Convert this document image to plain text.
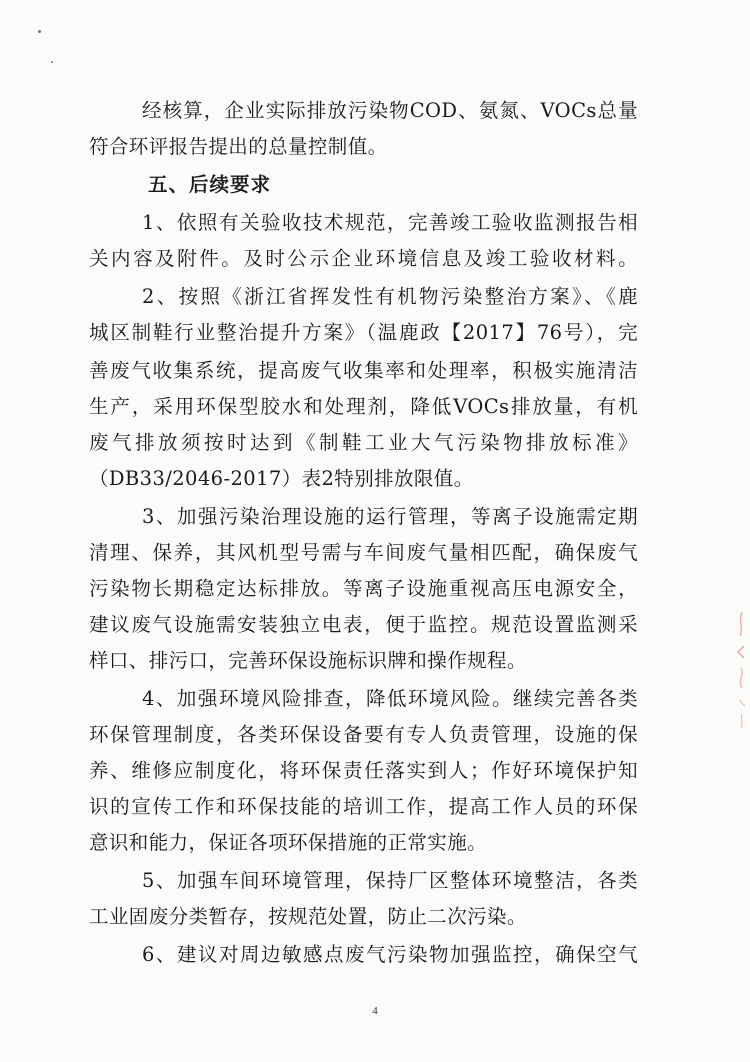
经核算，企业实际排放污染物COD、氨氮、VOCs总量
符合环评报告提出的总量控制值。
五、后续要求
1、依照有关验收技术规范，完善竣工验收监测报告相
关内容及附件。及时公示企业环境信息及竣工验收材料。
2、按照《浙江省挥发性有机物污染整治方案》、《鹿
城区制鞋行业整治提升方案》（温鹿政【2017】76号），完
善废气收集系统，提高废气收集率和处理率，积极实施清洁
生产，采用环保型胶水和处理剂，降低VOCs排放量，有机
废气排放须按时达到《制鞋工业大气污染物排放标准》
（DB33/2046-2017）表2特别排放限值。
3、加强污染治理设施的运行管理，等离子设施需定期
清理、保养，其风机型号需与车间废气量相匹配，确保废气
污染物长期稳定达标排放。等离子设施重视高压电源安全，
建议废气设施需安装独立电表，便于监控。规范设置监测采
样口、排污口，完善环保设施标识牌和操作规程。
4、加强环境风险排查，降低环境风险。继续完善各类
环保管理制度，各类环保设备要有专人负责管理，设施的保
养、维修应制度化，将环保责任落实到人；作好环境保护知
识的宣传工作和环保技能的培训工作，提高工作人员的环保
意识和能力，保证各项环保措施的正常实施。
5、加强车间环境管理，保持厂区整体环境整洁，各类
工业固废分类暂存，按规范处置，防止二次污染。
6、建议对周边敏感点废气污染物加强监控，确保空气
4
